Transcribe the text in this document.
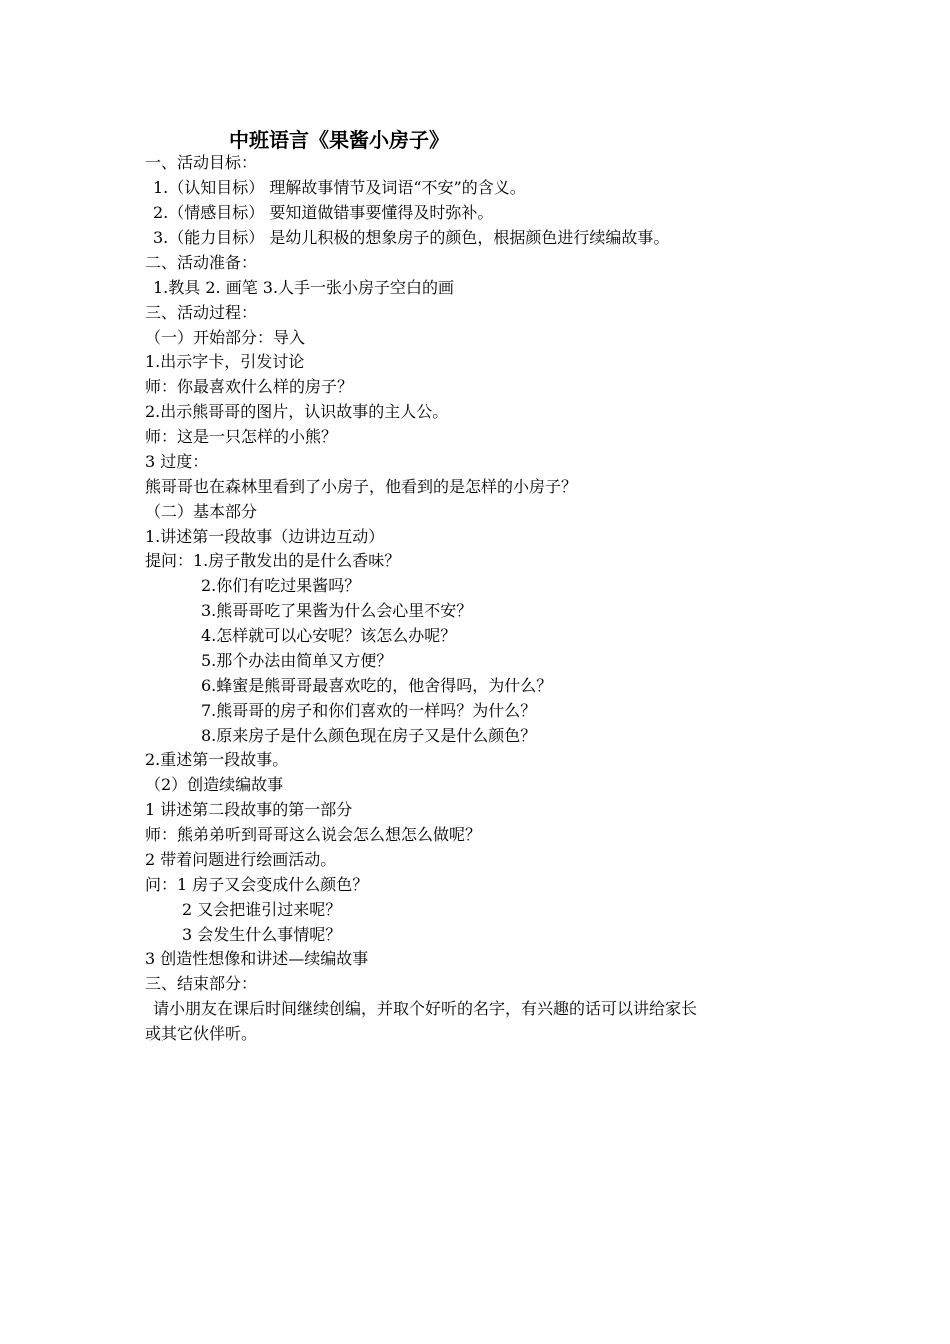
中班语言《果酱小房子》
一、活动目标：
1.（认知目标） 理解故事情节及词语“不安”的含义。
2.（情感目标） 要知道做错事要懂得及时弥补。
3.（能力目标） 是幼儿积极的想象房子的颜色，根据颜色进行续编故事。
二、活动准备：
1.教具 2. 画笔 3.人手一张小房子空白的画
三、活动过程：
（一）开始部分：导入
1.出示字卡，引发讨论
师：你最喜欢什么样的房子？
2.出示熊哥哥的图片，认识故事的主人公。
师：这是一只怎样的小熊？
3 过度：
熊哥哥也在森林里看到了小房子，他看到的是怎样的小房子？
（二）基本部分
1.讲述第一段故事（边讲边互动）
提问：1.房子散发出的是什么香味？
2.你们有吃过果酱吗？
3.熊哥哥吃了果酱为什么会心里不安？
4.怎样就可以心安呢？该怎么办呢？
5.那个办法由简单又方便？
6.蜂蜜是熊哥哥最喜欢吃的，他舍得吗，为什么？
7.熊哥哥的房子和你们喜欢的一样吗？为什么？
8.原来房子是什么颜色现在房子又是什么颜色？
2.重述第一段故事。
（2）创造续编故事
1 讲述第二段故事的第一部分
师：熊弟弟听到哥哥这么说会怎么想怎么做呢？
2 带着问题进行绘画活动。
问：1 房子又会变成什么颜色？
2 又会把谁引过来呢？
3 会发生什么事情呢？
3 创造性想像和讲述—续编故事
三、结束部分：
请小朋友在课后时间继续创编，并取个好听的名字，有兴趣的话可以讲给家长
或其它伙伴听。
